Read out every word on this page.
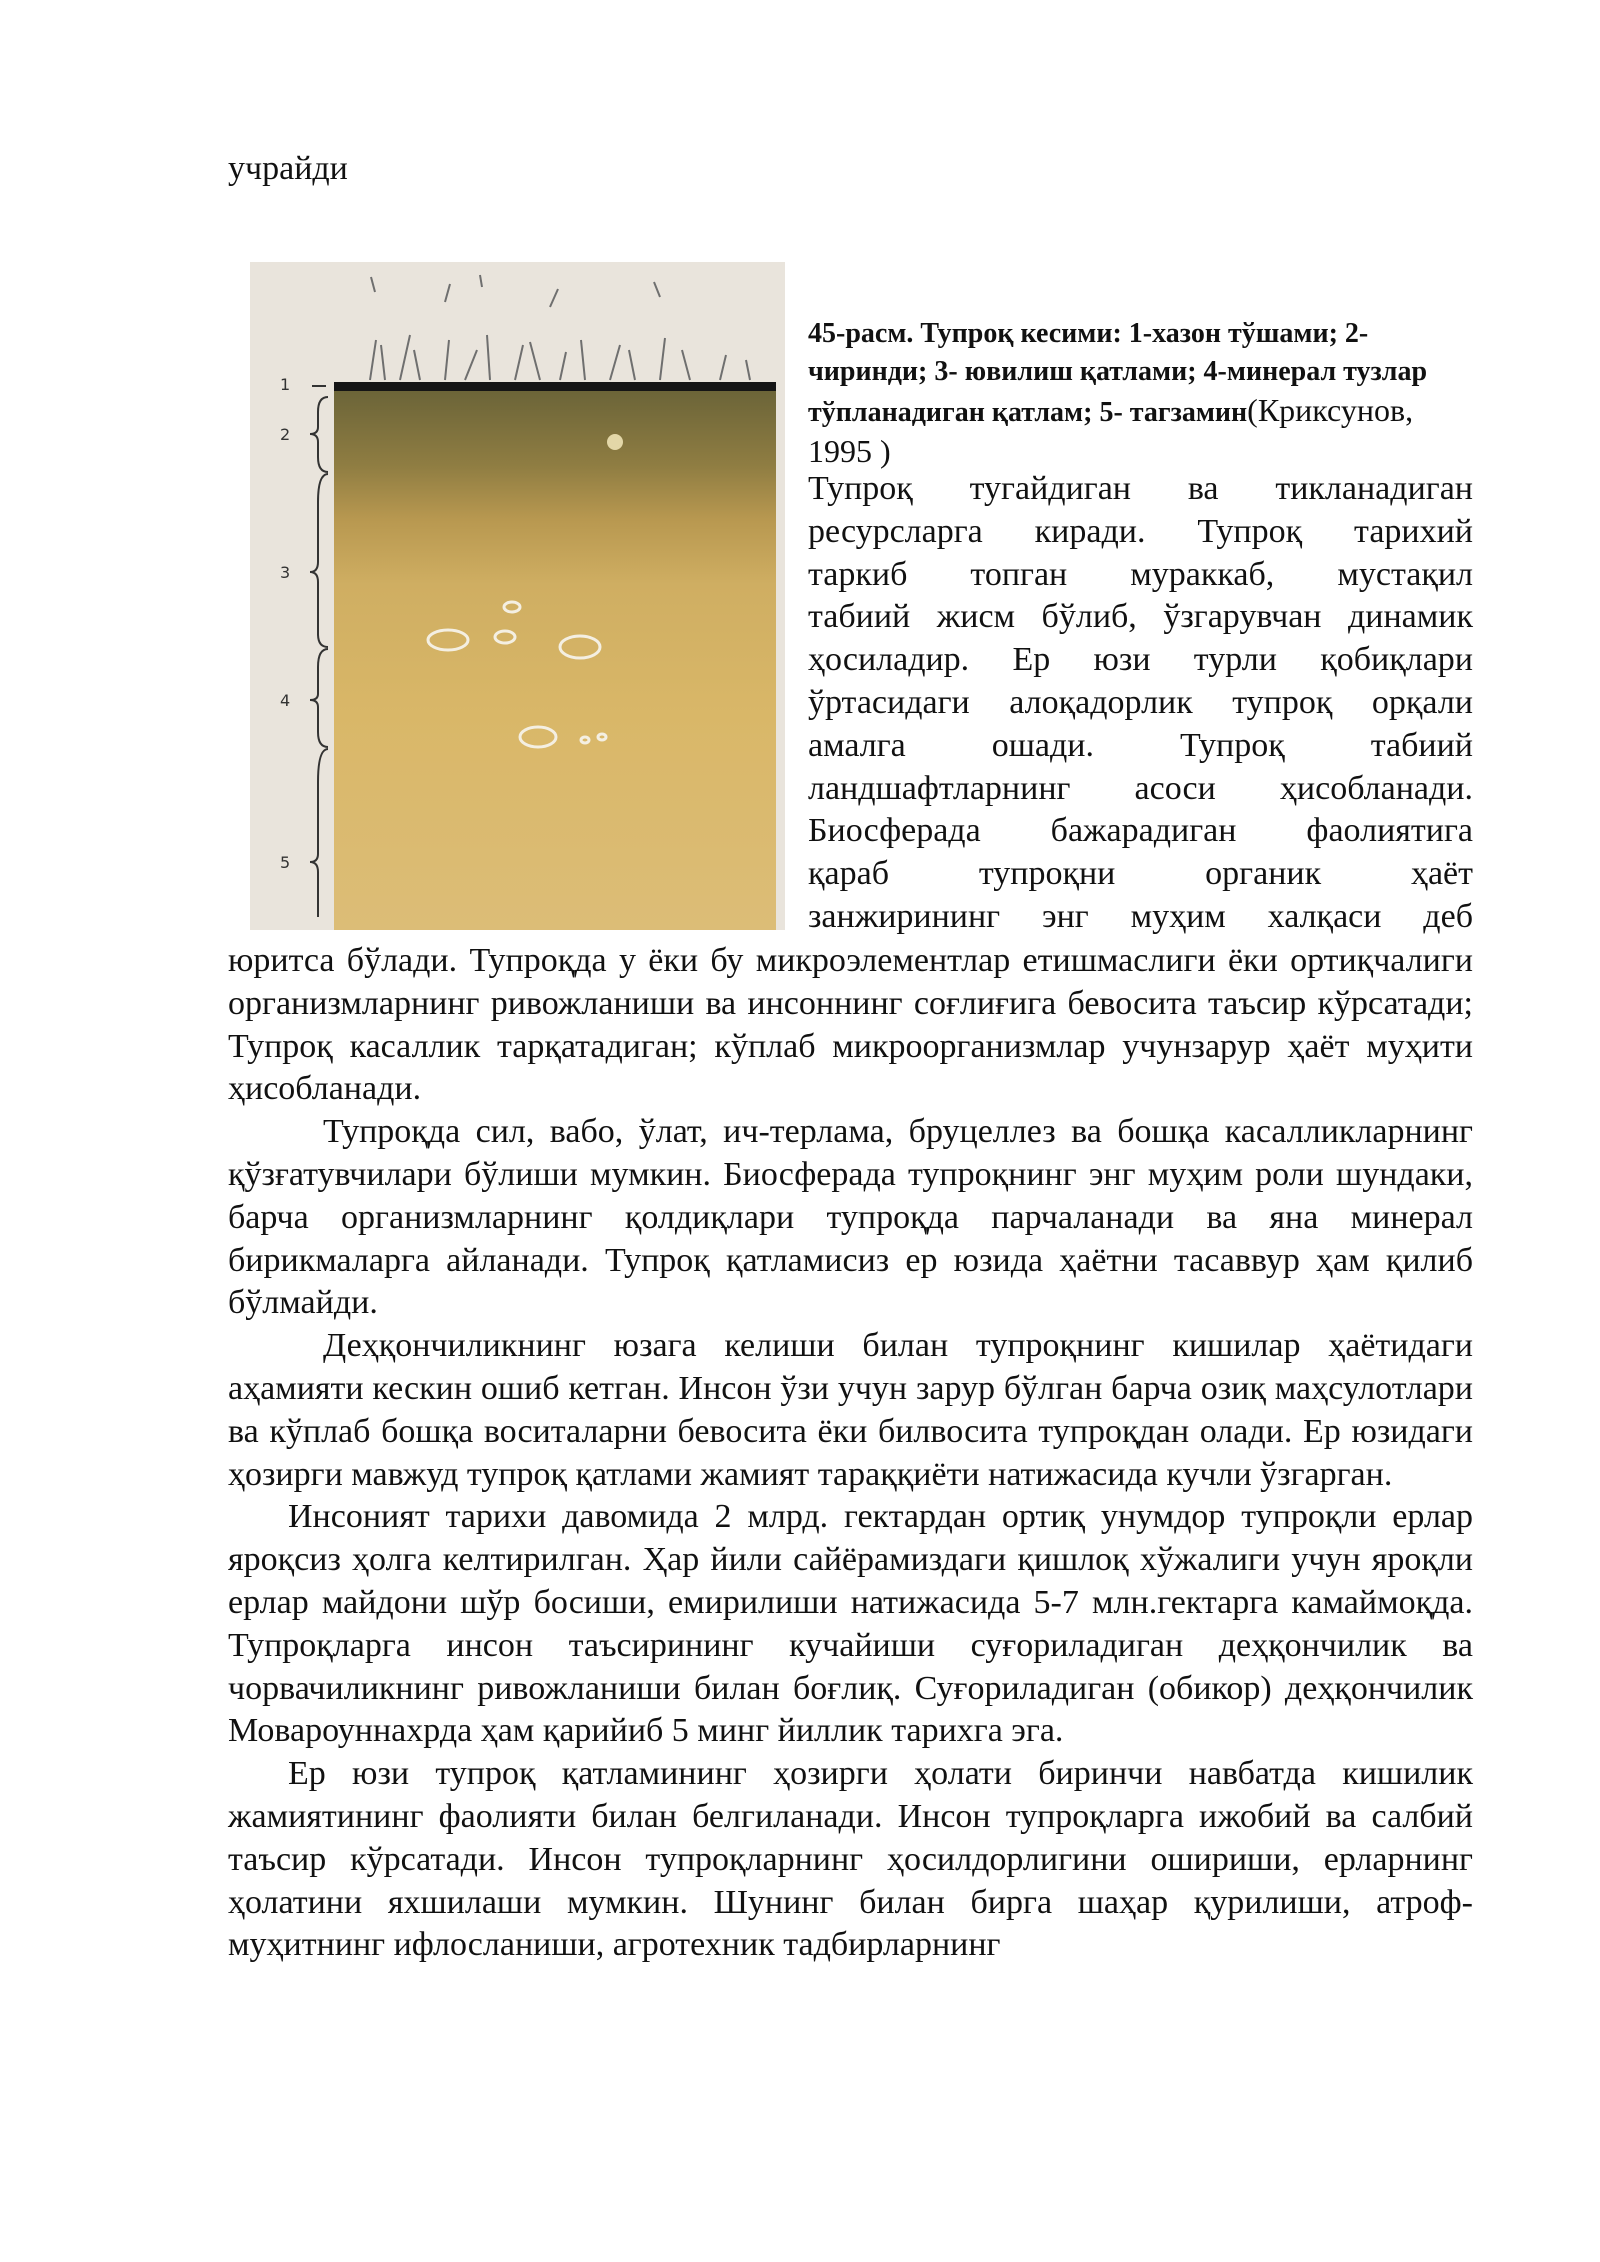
учрайди
1
2
3
4
5
45-расм. Тупроқ кесими: 1-хазон тўшами; 2-чиринди; 3- ювилиш қатлами; 4-минерал тузлар тўпланадиган қатлам; 5- тагзамин(Криксунов, 1995 )

Тупроқ тугайдиган ва тикланадиган

ресурсларга киради. Тупроқ тарихий

таркиб топган мураккаб, мустақил

табиий жисм бўлиб, ўзгарувчан динамик

ҳосиладир. Ер юзи турли қобиқлари

ўртасидаги алоқадорлик тупроқ орқали

амалга ошади. Тупроқ табиий

ландшафтларнинг асоси ҳисобланади.

Биосферада бажарадиган фаолиятига

қараб тупроқни органик ҳаёт

занжирининг энг муҳим халқаси деб

юритса бўлади. Тупроқда у ёки бу микроэлементлар етишмаслиги ёки ортиқчалиги организмларнинг ривожланиши ва инсоннинг соғлиғига бевосита таъсир кўрсатади; Тупроқ касаллик тарқатадиган; кўплаб микроорганизмлар учунзарур ҳаёт муҳити ҳисобланади.

Тупроқда сил, вабо, ўлат, ич-терлама, бруцеллез ва бошқа касалликларнинг қўзғатувчилари бўлиши мумкин. Биосферада тупроқнинг энг муҳим роли шундаки, барча организмларнинг қолдиқлари тупроқда парчаланади ва яна минерал бирикмаларга айланади. Тупроқ қатламисиз ер юзида ҳаётни тасаввур ҳам қилиб бўлмайди.

Деҳқончиликнинг юзага келиши билан тупроқнинг кишилар ҳаётидаги аҳамияти кескин ошиб кетган. Инсон ўзи учун зарур бўлган барча озиқ маҳсулотлари ва кўплаб бошқа воситаларни бевосита ёки билвосита тупроқдан олади. Ер юзидаги ҳозирги мавжуд тупроқ қатлами жамият тараққиёти натижасида кучли ўзгарган.

Инсоният тарихи давомида 2 млрд. гектардан ортиқ унумдор тупроқли ерлар яроқсиз ҳолга келтирилган. Ҳар йили сайёрамиздаги қишлоқ хўжалиги учун яроқли ерлар майдони шўр босиши, емирилиши натижасида 5-7 млн.гектарга камаймоқда. Тупроқларга инсон таъсирининг кучайиши суғориладиган деҳқончилик ва чорвачиликнинг ривожланиши билан боғлиқ. Суғориладиган (обикор) деҳқончилик Мовароуннахрда ҳам қарийиб 5 минг йиллик тарихга эга.

Ер юзи тупроқ қатламининг ҳозирги ҳолати биринчи навбатда кишилик жамиятининг фаолияти билан белгиланади. Инсон тупроқларга ижобий ва салбий таъсир кўрсатади. Инсон тупроқларнинг ҳосилдорлигини ошириши, ерларнинг ҳолатини яхшилаши мумкин. Шунинг билан бирга шаҳар қурилиши, атроф-муҳитнинг ифлосланиши, агротехник тадбирларнинг
